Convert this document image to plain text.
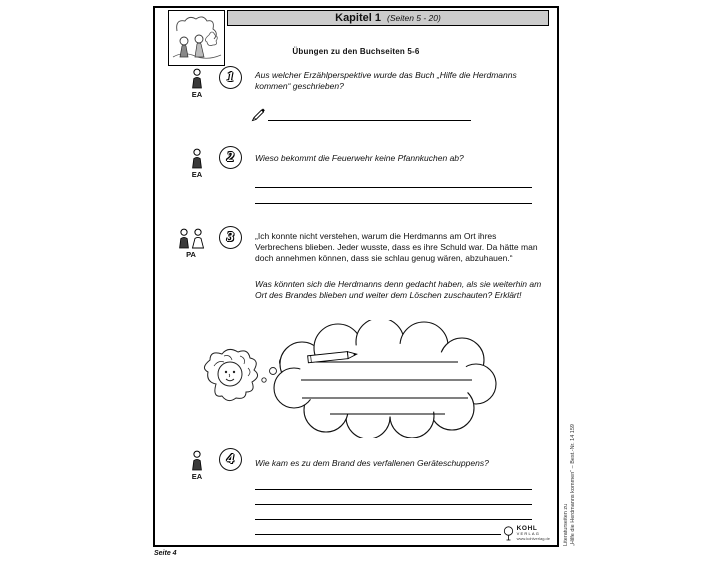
Kapitel 1 (Seiten 5 - 20)
Übungen zu den Buchseiten 5-6
EA
1	Aus welcher Erzählperspektive wurde das Buch „Hilfe die Herdmanns kommen“ geschrieben?
EA
2	Wieso bekommt die Feuerwehr keine Pfannkuchen ab?
PA
3	„Ich konnte nicht verstehen, warum die Herdmanns am Ort ihres Verbrechens blieben. Jeder wusste, dass es ihre Schuld war. Da hätte man doch annehmen können, dass sie schlau genug wären, abzuhauen.“
Was könnten sich die Herdmanns denn gedacht haben, als sie weiterhin am Ort des Brandes blieben und weiter dem Löschen zuschauten? Erklärt!
EA
4	Wie kam es zu dem Brand des verfallenen Geräteschuppens?
KOHL
VERLAG
www.kohlverlag.de
Seite 4
Literaturseiten zu „Hilfe die Herdmanns kommen“ – Best.-Nr. 14 159
